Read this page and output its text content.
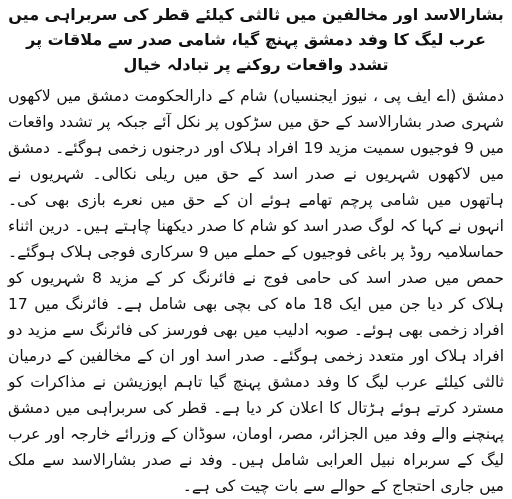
بشارالاسد اور مخالفین میں ثالثی کیلئے قطر کی سربراہی میں عرب لیگ کا وفد دمشق پہنچ گیا، شامی صدر سے ملاقات پر تشدد واقعات روکنے پر تبادلہ خیال
دمشق (اے ایف پی ، نیوز ایجنسیاں) شام کے دارالحکومت دمشق میں لاکھوں شہری صدر بشارالاسد کے حق میں سڑکوں پر نکل آئے جبکہ پر تشدد واقعات میں 9 فوجیوں سمیت مزید 19 افراد ہلاک اور درجنوں زخمی ہوگئے۔ دمشق میں لاکھوں شہریوں نے صدر اسد کے حق میں ریلی نکالی۔ شہریوں نے ہاتھوں میں شامی پرچم تھامے ہوئے ان کے حق میں نعرے بازی بھی کی۔ انہوں نے کہا کہ لوگ صدر اسد کو شام کا صدر دیکھنا چاہتے ہیں۔ درین اثناء حماسلامیہ روڈ پر باغی فوجیوں کے حملے میں 9 سرکاری فوجی ہلاک ہوگئے۔ حمص میں صدر اسد کی حامی فوج نے فائرنگ کر کے مزید 8 شہریوں کو ہلاک کر دیا جن میں ایک 18 ماہ کی بچی بھی شامل ہے۔ فائرنگ میں 17 افراد زخمی بھی ہوئے۔ صوبہ ادلیب میں بھی فورسز کی فائرنگ سے مزید دو افراد ہلاک اور متعدد زخمی ہوگئے۔ صدر اسد اور ان کے مخالفین کے درمیان ثالثی کیلئے عرب لیگ کا وفد دمشق پہنچ گیا تاہم اپوزیشن نے مذاکرات کو مسترد کرتے ہوئے ہڑتال کا اعلان کر دیا ہے۔ قطر کی سربراہی میں دمشق پہنچنے والے وفد میں الجزائر، مصر، اومان، سوڈان کے وزرائے خارجہ اور عرب لیگ کے سربراہ نبیل العرابی شامل ہیں۔ وفد نے صدر بشارالاسد سے ملک میں جاری احتجاج کے حوالے سے بات چیت کی ہے۔
